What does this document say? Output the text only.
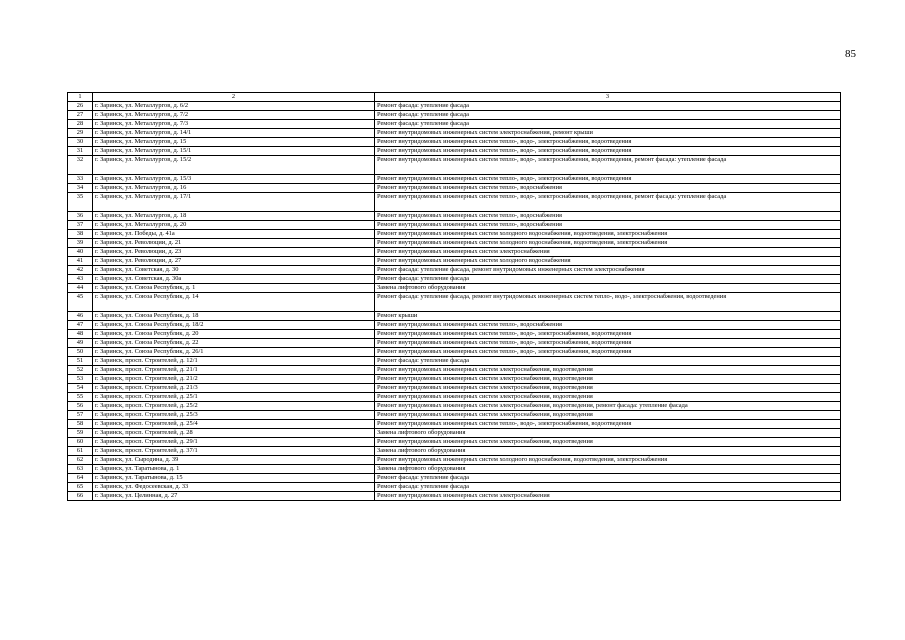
85
1	2	3
26	г. Заринск, ул. Металлургов, д. 6/2	Ремонт фасада: утепление фасада
27	г. Заринск, ул. Металлургов, д. 7/2	Ремонт фасада: утепление фасада
28	г. Заринск, ул. Металлургов, д. 7/3	Ремонт фасада: утепление фасада
29	г. Заринск, ул. Металлургов, д. 14/1	Ремонт внутридомовых инженерных систем электроснабжения, ремонт крыши
30	г. Заринск, ул. Металлургов, д. 15	Ремонт внутридомовых инженерных систем тепло-, водо-, электроснабжения, водоотведения
31	г. Заринск, ул. Металлургов, д. 15/1	Ремонт внутридомовых инженерных систем тепло-, водо-, электроснабжения, водоотведения
32	г. Заринск, ул. Металлургов, д. 15/2	Ремонт внутридомовых инженерных систем тепло-, водо-, электроснабжения, водоотведения, ремонт фасада: утепление фасада
33	г. Заринск, ул. Металлургов, д. 15/3	Ремонт внутридомовых инженерных систем тепло-, водо-, электроснабжения, водоотведения
34	г. Заринск, ул. Металлургов, д. 16	Ремонт внутридомовых инженерных систем тепло-, водоснабжения
35	г. Заринск, ул. Металлургов, д. 17/1	Ремонт внутридомовых инженерных систем тепло-, водо-, электроснабжения, водоотведения, ремонт фасада: утепление фасада
36	г. Заринск, ул. Металлургов, д. 18	Ремонт внутридомовых инженерных систем тепло-, водоснабжения
37	г. Заринск, ул. Металлургов, д. 20	Ремонт внутридомовых инженерных систем тепло-, водоснабжения
38	г. Заринск, ул. Победы, д. 41а	Ремонт внутридомовых инженерных систем холодного водоснабжения, водоотведения, электроснабжения
39	г. Заринск, ул. Революции, д. 21	Ремонт внутридомовых инженерных систем холодного водоснабжения, водоотведения, электроснабжения
40	г. Заринск, ул. Революции, д. 23	Ремонт внутридомовых инженерных систем электроснабжения
41	г. Заринск, ул. Революции, д. 27	Ремонт внутридомовых инженерных систем холодного водоснабжения
42	г. Заринск, ул. Советская, д. 30	Ремонт фасада: утепление фасада, ремонт внутридомовых инженерных систем электроснабжения
43	г. Заринск, ул. Советская, д. 30а	Ремонт фасада: утепление фасада
44	г. Заринск, ул. Союза Республик, д. 1	Замена лифтового оборудования
45	г. Заринск, ул. Союза Республик, д. 14	Ремонт фасада: утепление фасада, ремонт внутридомовых инженерных систем тепло-, водо-, электроснабжения, водоотведения
46	г. Заринск, ул. Союза Республик, д. 18	Ремонт крыши
47	г. Заринск, ул. Союза Республик, д. 18/2	Ремонт внутридомовых инженерных систем тепло-, водоснабжения
48	г. Заринск, ул. Союза Республик, д. 20	Ремонт внутридомовых инженерных систем тепло-, водо-, электроснабжения, водоотведения
49	г. Заринск, ул. Союза Республик, д. 22	Ремонт внутридомовых инженерных систем тепло-, водо-, электроснабжения, водоотведения
50	г. Заринск, ул. Союза Республик, д. 26/1	Ремонт внутридомовых инженерных систем тепло-, водо-, электроснабжения, водоотведения
51	г. Заринск, просп. Строителей, д. 12/1	Ремонт фасада: утепление фасада
52	г. Заринск, просп. Строителей, д. 21/1	Ремонт внутридомовых инженерных систем электроснабжения, водоотведения
53	г. Заринск, просп. Строителей, д. 21/2	Ремонт внутридомовых инженерных систем электроснабжения, водоотведения
54	г. Заринск, просп. Строителей, д. 21/3	Ремонт внутридомовых инженерных систем электроснабжения, водоотведения
55	г. Заринск, просп. Строителей, д. 25/1	Ремонт внутридомовых инженерных систем электроснабжения, водоотведения
56	г. Заринск, просп. Строителей, д. 25/2	Ремонт внутридомовых инженерных систем электроснабжения, водоотведения, ремонт фасада: утепление фасада
57	г. Заринск, просп. Строителей, д. 25/3	Ремонт внутридомовых инженерных систем электроснабжения, водоотведения
58	г. Заринск, просп. Строителей, д. 25/4	Ремонт внутридомовых инженерных систем тепло-, водо-, электроснабжения, водоотведения
59	г. Заринск, просп. Строителей, д. 28	Замена лифтового оборудования
60	г. Заринск, просп. Строителей, д. 29/1	Ремонт внутридомовых инженерных систем электроснабжения, водоотведения
61	г. Заринск, просп. Строителей, д. 37/1	Замена лифтового оборудования
62	г. Заринск, ул. Сыродина, д. 39	Ремонт внутридомовых инженерных систем холодного водоснабжения, водоотведения, электроснабжения
63	г. Заринск, ул. Таратынова, д. 1	Замена лифтового оборудования
64	г. Заринск, ул. Таратынова, д. 15	Ремонт фасада: утепление фасада
65	г. Заринск, ул. Федосеевская, д. 33	Ремонт фасада: утепление фасада
66	г. Заринск, ул. Целинная, д. 27	Ремонт внутридомовых инженерных систем электроснабжения
